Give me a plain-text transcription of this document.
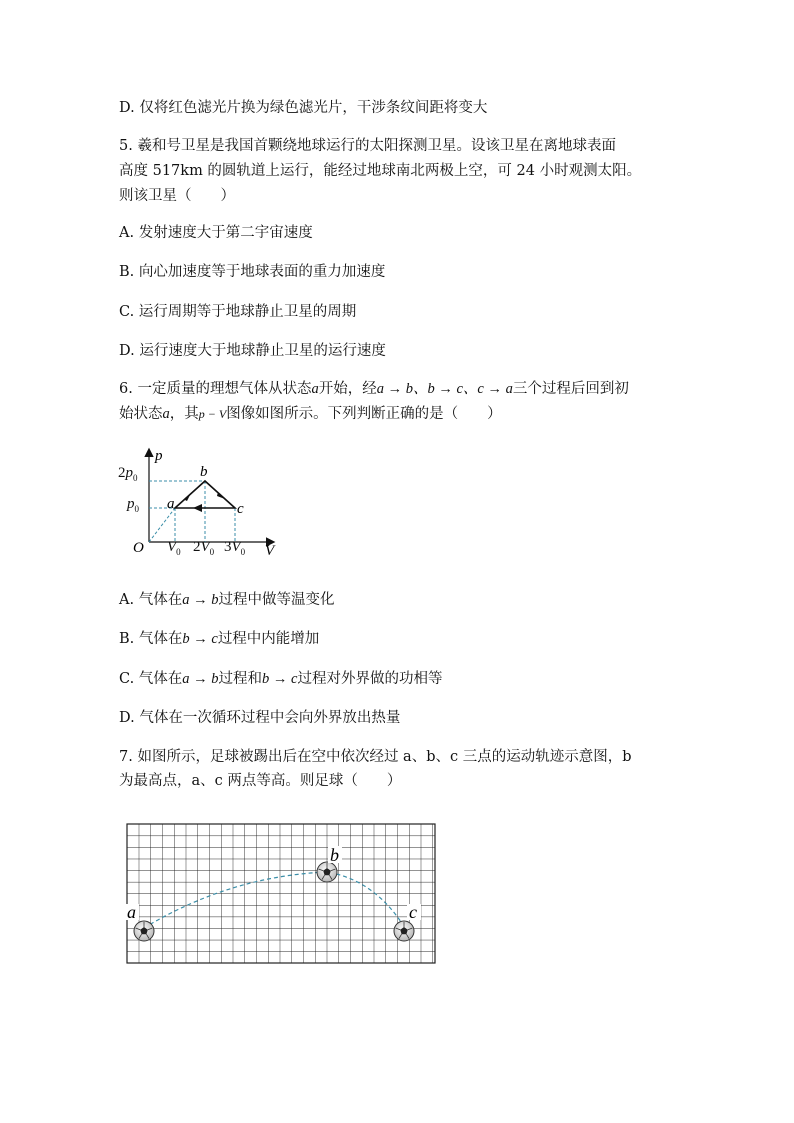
D. 仅将红色滤光片换为绿色滤光片，干涉条纹间距将变大
5. 羲和号卫星是我国首颗绕地球运行的太阳探测卫星。设该卫星在离地球表面
高度 517km 的圆轨道上运行，能经过地球南北两极上空，可 24 小时观测太阳。
则该卫星（　　）
A. 发射速度大于第二宇宙速度
B. 向心加速度等于地球表面的重力加速度
C. 运行周期等于地球静止卫星的周期
D. 运行速度大于地球静止卫星的运行速度
6. 一定质量的理想气体从状态a开始，经a → b、b → c、c → a三个过程后回到初
始状态a，其p − V图像如图所示。下列判断正确的是（　　）
p
V
O
b
a	c
$2p_0$
$p_0$
$V_0$ $2V_0$ $3V_0$
A. 气体在a → b过程中做等温变化
B. 气体在b → c过程中内能增加
C. 气体在a → b过程和b → c过程对外界做的功相等
D. 气体在一次循环过程中会向外界放出热量
7. 如图所示，足球被踢出后在空中依次经过 a、b、c 三点的运动轨迹示意图，b
为最高点，a、c 两点等高。则足球（　　）
a
b
c
